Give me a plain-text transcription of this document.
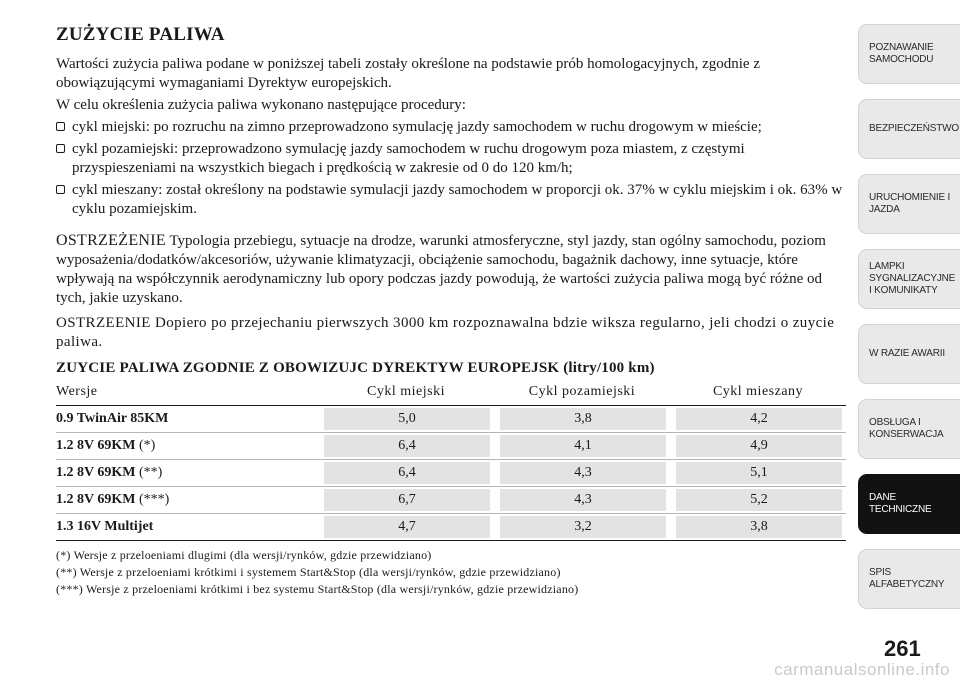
ZUŻYCIE PALIWA

Wartości zużycia paliwa podane w poniższej tabeli zostały określone na podstawie prób homologacyjnych, zgodnie z obowiązującymi wymaganiami Dyrektyw europejskich.

W celu określenia zużycia paliwa wykonano następujące procedury:

cykl miejski: po rozruchu na zimno przeprowadzono symulację jazdy samochodem w ruchu drogowym w mieście;
cykl pozamiejski: przeprowadzono symulację jazdy samochodem w ruchu drogowym poza miastem, z częstymi przyspieszeniami na wszystkich biegach i prędkością w zakresie od 0 do 120 km/h;
cykl mieszany: został określony na podstawie symulacji jazdy samochodem w proporcji ok. 37% w cyklu miejskim i ok. 63% w cyklu pozamiejskim.

OSTRZEŻENIE Typologia przebiegu, sytuacje na drodze, warunki atmosferyczne, styl jazdy, stan ogólny samochodu, poziom wyposażenia/dodatków/akcesoriów, używanie klimatyzacji, obciążenie samochodu, bagażnik dachowy, inne sytuacje, które wpływają na współczynnik aerodynamiczny lub opory podczas jazdy powodują, że wartości zużycia paliwa mogą być różne od tych, jakie uzyskano.

OSTRZEENIE Dopiero po przejechaniu pierwszych 3000 km rozpoznawalna bdzie wiksza regularno, jeli chodzi o zuycie paliwa.

ZUYCIE PALIWA ZGODNIE Z OBOWIZUJC DYREKTYW EUROPEJSK (litry/100 km)
Wersje	Cykl miejski	Cykl pozamiejski	Cykl mieszany
0.9 TwinAir 85KM	5,0	3,8	4,2

1.2 8V 69KM (*)	6,4	4,1	4,9

1.2 8V 69KM (**)	6,4	4,3	5,1

1.2 8V 69KM (***)	6,7	4,3	5,2

1.3 16V Multijet	4,7	3,2	3,8
(*) Wersje z przeloeniami dlugimi (dla wersji/rynków, gdzie przewidziano)
(**) Wersje z przeloeniami krótkimi i systemem Start&Stop (dla wersji/rynków, gdzie przewidziano)
(***) Wersje z przeloeniami krótkimi i bez systemu Start&Stop (dla wersji/rynków, gdzie przewidziano)
POZNAWANIE
SAMOCHODU
BEZPIECZEŃSTWO
URUCHOMIENIE I
JAZDA
LAMPKI
SYGNALIZACYJNE
I KOMUNIKATY
W RAZIE AWARII
OBSŁUGA I
KONSERWACJA
DANE
TECHNICZNE
SPIS
ALFABETYCZNY
261
carmanualsonline.info
